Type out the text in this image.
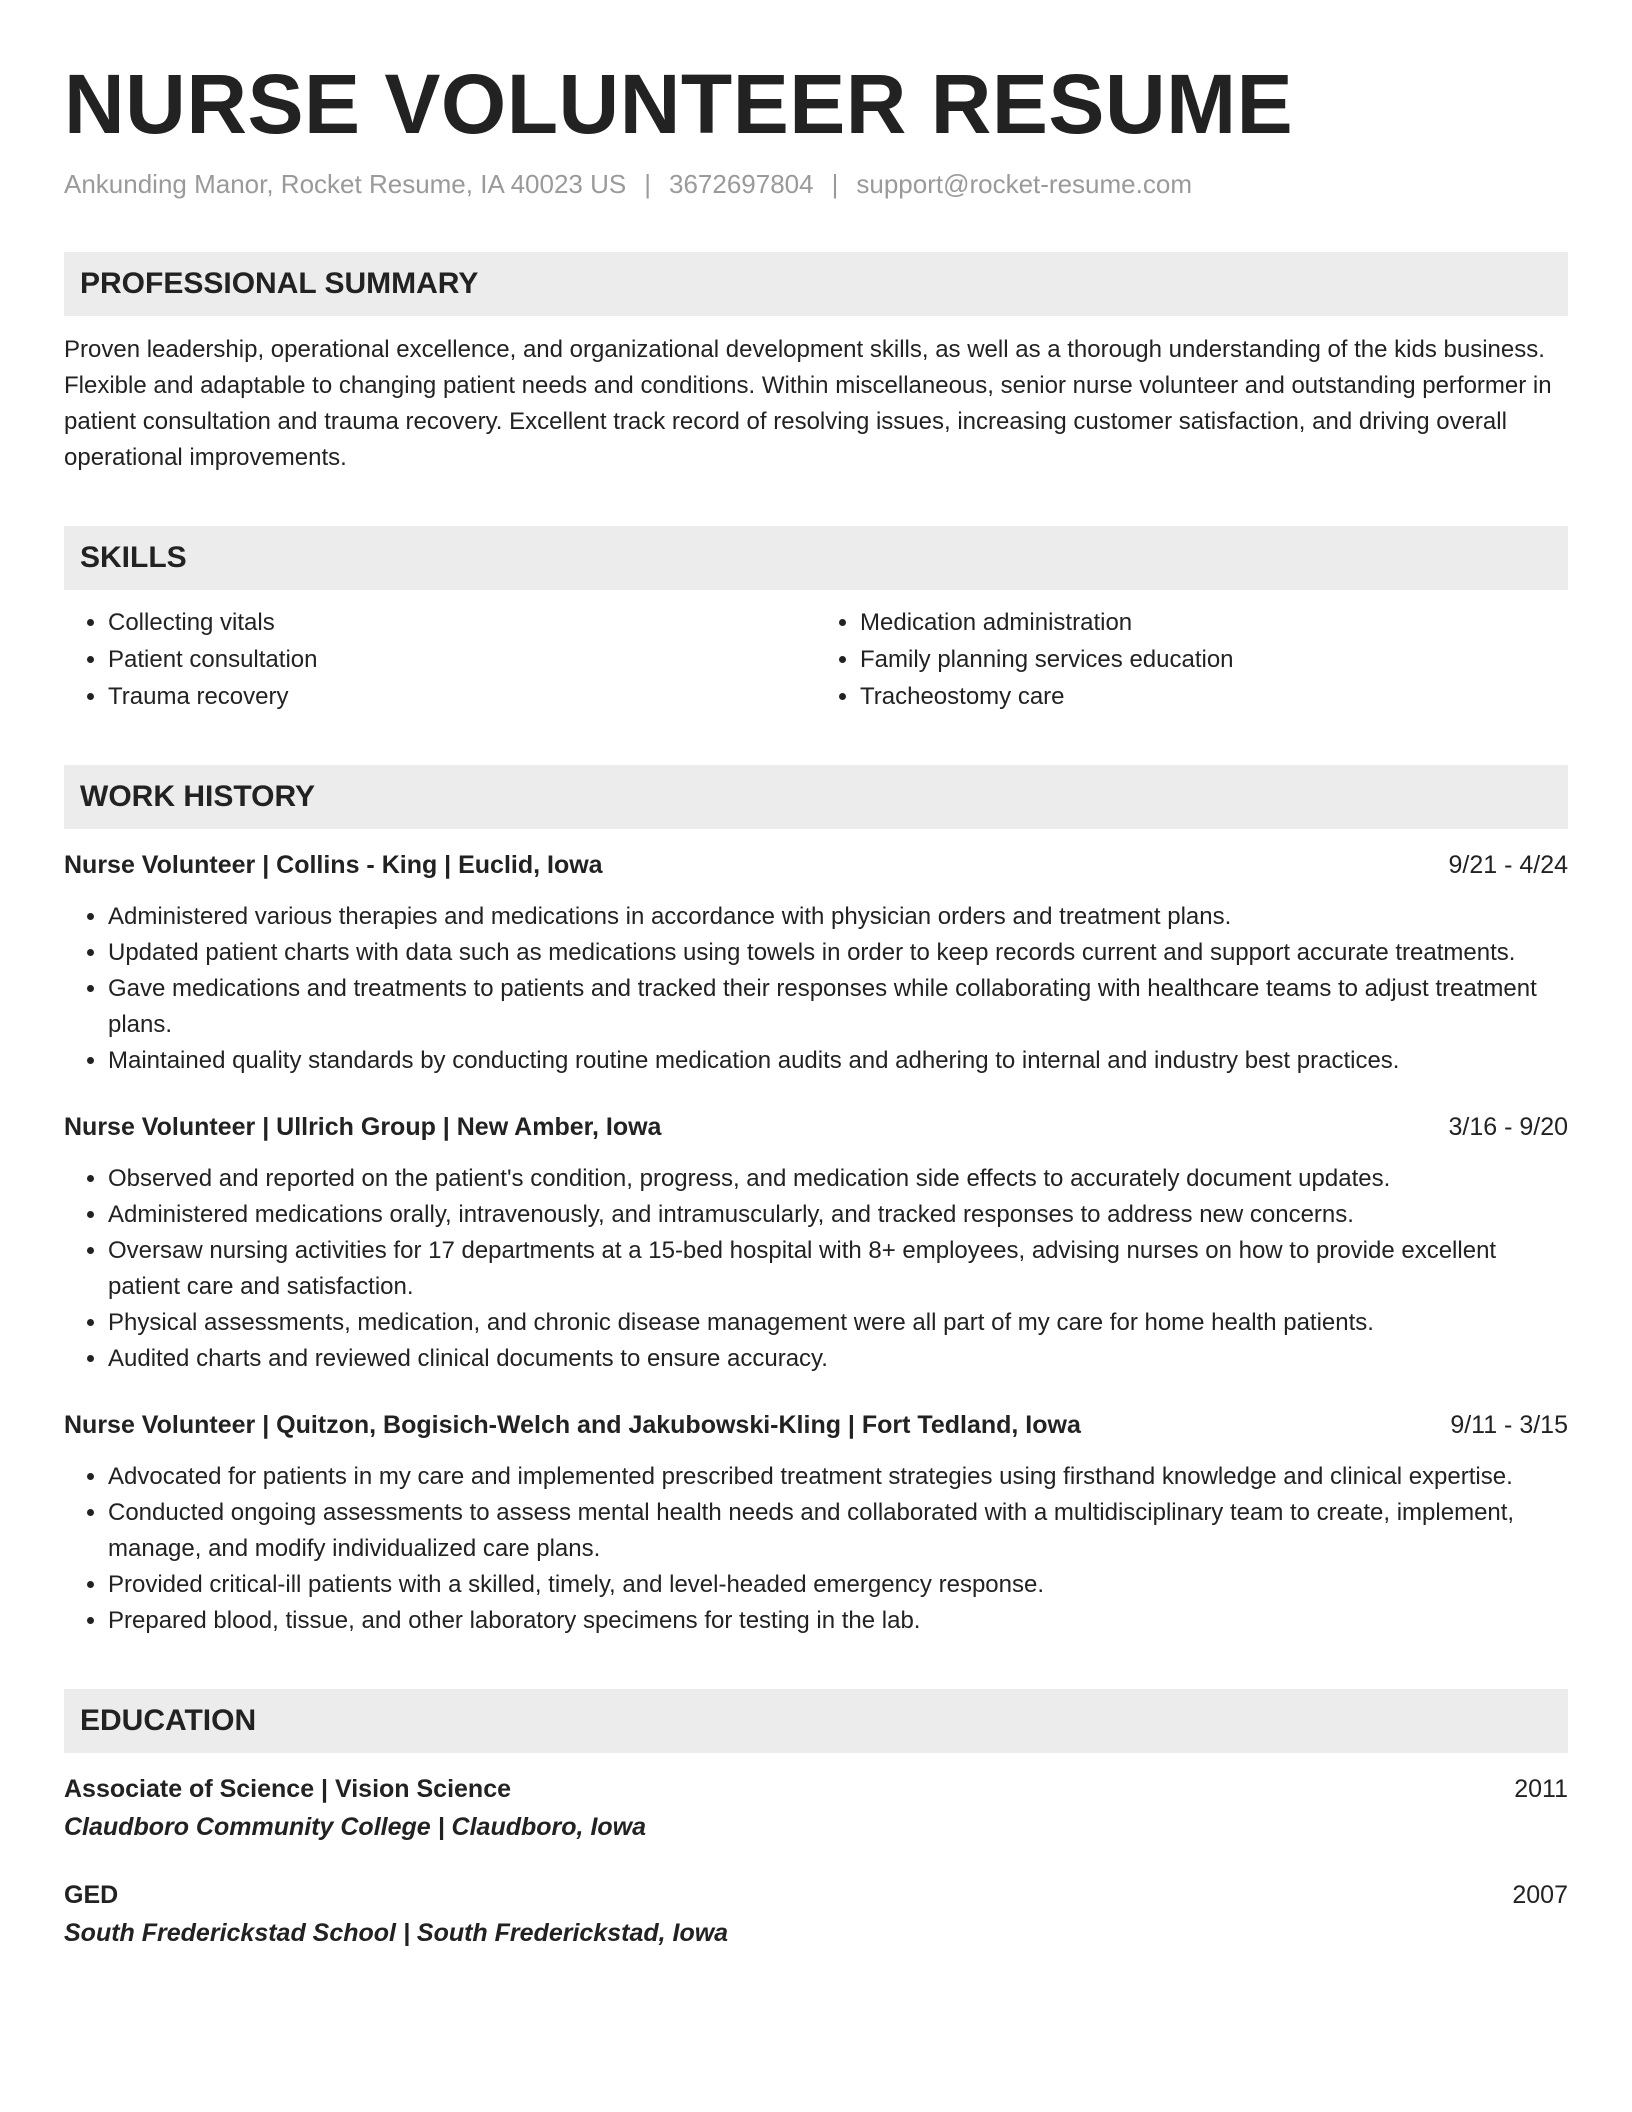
NURSE VOLUNTEER RESUME
Ankunding Manor, Rocket Resume, IA 40023 US | 3672697804 | support@rocket-resume.com
PROFESSIONAL SUMMARY
Proven leadership, operational excellence, and organizational development skills, as well as a thorough understanding of the kids business. Flexible and adaptable to changing patient needs and conditions. Within miscellaneous, senior nurse volunteer and outstanding performer in patient consultation and trauma recovery. Excellent track record of resolving issues, increasing customer satisfaction, and driving overall operational improvements.
SKILLS
• Collecting vitals
• Patient consultation
• Trauma recovery
• Medication administration
• Family planning services education
• Tracheostomy care
WORK HISTORY
Nurse Volunteer | Collins - King | Euclid, Iowa	9/21 - 4/24
• Administered various therapies and medications in accordance with physician orders and treatment plans.
• Updated patient charts with data such as medications using towels in order to keep records current and support accurate treatments.
• Gave medications and treatments to patients and tracked their responses while collaborating with healthcare teams to adjust treatment plans.
• Maintained quality standards by conducting routine medication audits and adhering to internal and industry best practices.
Nurse Volunteer | Ullrich Group | New Amber, Iowa	3/16 - 9/20
• Observed and reported on the patient's condition, progress, and medication side effects to accurately document updates.
• Administered medications orally, intravenously, and intramuscularly, and tracked responses to address new concerns.
• Oversaw nursing activities for 17 departments at a 15-bed hospital with 8+ employees, advising nurses on how to provide excellent patient care and satisfaction.
• Physical assessments, medication, and chronic disease management were all part of my care for home health patients.
• Audited charts and reviewed clinical documents to ensure accuracy.
Nurse Volunteer | Quitzon, Bogisich-Welch and Jakubowski-Kling | Fort Tedland, Iowa	9/11 - 3/15
• Advocated for patients in my care and implemented prescribed treatment strategies using firsthand knowledge and clinical expertise.
• Conducted ongoing assessments to assess mental health needs and collaborated with a multidisciplinary team to create, implement, manage, and modify individualized care plans.
• Provided critical-ill patients with a skilled, timely, and level-headed emergency response.
• Prepared blood, tissue, and other laboratory specimens for testing in the lab.
EDUCATION
Associate of Science | Vision Science	2011
Claudboro Community College | Claudboro, Iowa
GED	2007
South Frederickstad School | South Frederickstad, Iowa
